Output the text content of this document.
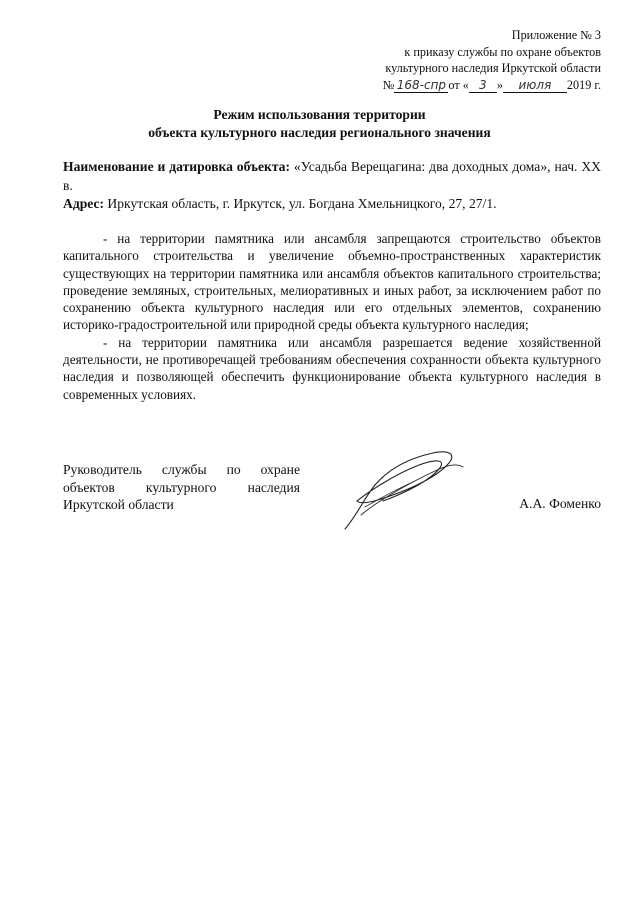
Приложение № 3
к приказу службы по охране объектов
культурного наследия Иркутской области
№ 168-спр от « 3 » июля 2019 г.
Режим использования территории
объекта культурного наследия регионального значения

Наименование и датировка объекта: «Усадьба Верещагина: два доходных дома», нач. XX в.

Адрес: Иркутская область, г. Иркутск, ул. Богдана Хмельницкого, 27, 27/1.

- на территории памятника или ансамбля запрещаются строительство объектов капитального строительства и увеличение объемно-пространственных характеристик существующих на территории памятника или ансамбля объектов капитального строительства; проведение земляных, строительных, мелиоративных и иных работ, за исключением работ по сохранению объекта культурного наследия или его отдельных элементов, сохранению историко-градостроительной или природной среды объекта культурного наследия;

- на территории памятника или ансамбля разрешается ведение хозяйственной деятельности, не противоречащей требованиям обеспечения сохранности объекта культурного наследия и позволяющей обеспечить функционирование объекта культурного наследия в современных условиях.

Руководитель службы по охране
объектов культурного наследия
Иркутской области	А.А. Фоменко
